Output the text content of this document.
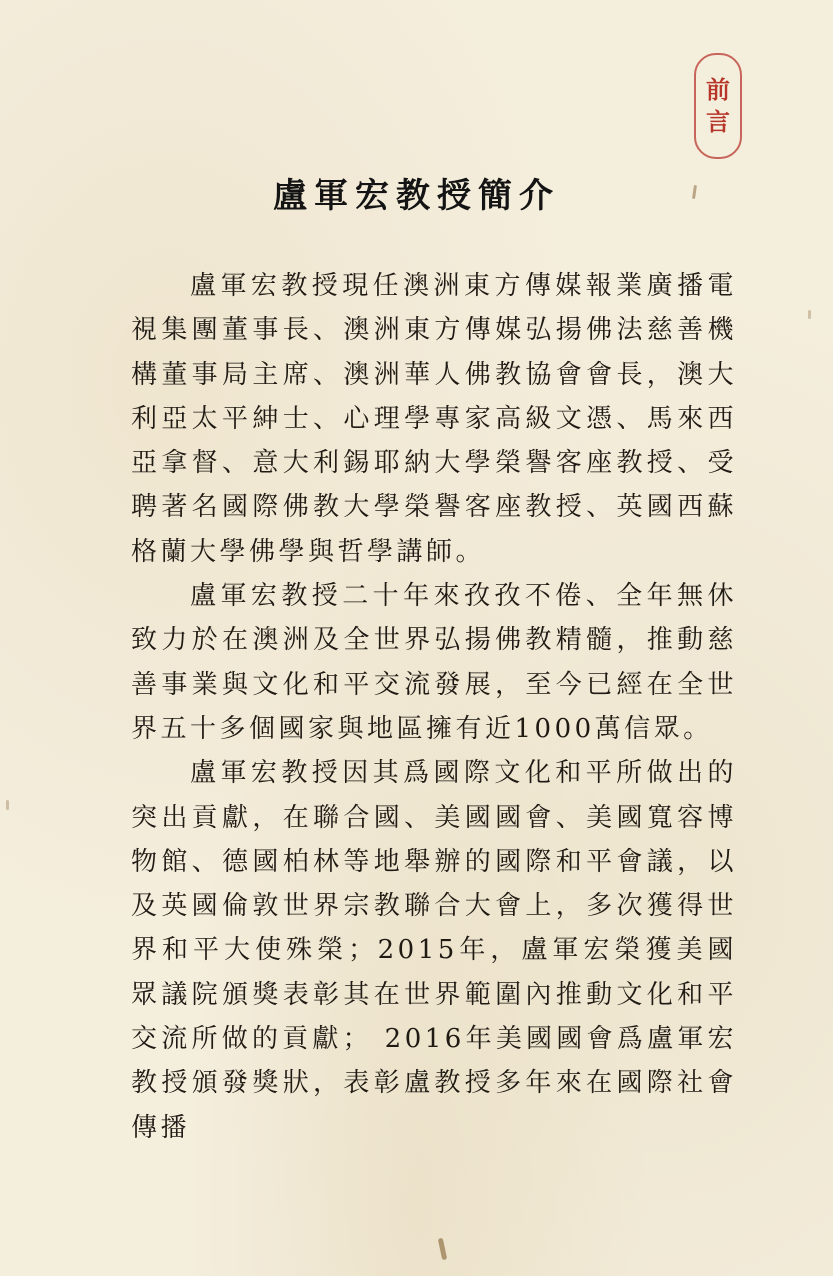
前
言
盧軍宏教授簡介

盧軍宏教授現任澳洲東方傳媒報業廣播電視集團董事長、澳洲東方傳媒弘揚佛法慈善機構董事局主席、澳洲華人佛教協會會長，澳大利亞太平紳士、心理學專家高級文憑、馬來西亞拿督、意大利錫耶納大學榮譽客座教授、受聘著名國際佛教大學榮譽客座教授、英國西蘇格蘭大學佛學與哲學講師。

盧軍宏教授二十年來孜孜不倦、全年無休致力於在澳洲及全世界弘揚佛教精髓，推動慈善事業與文化和平交流發展，至今已經在全世界五十多個國家與地區擁有近1000萬信眾。

盧軍宏教授因其爲國際文化和平所做出的突出貢獻，在聯合國、美國國會、美國寬容博物館、德國柏林等地舉辦的國際和平會議，以及英國倫敦世界宗教聯合大會上，多次獲得世界和平大使殊榮；2015年，盧軍宏榮獲美國眾議院頒獎表彰其在世界範圍內推動文化和平交流所做的貢獻； 2016年美國國會爲盧軍宏教授頒發獎狀，表彰盧教授多年來在國際社會傳播
